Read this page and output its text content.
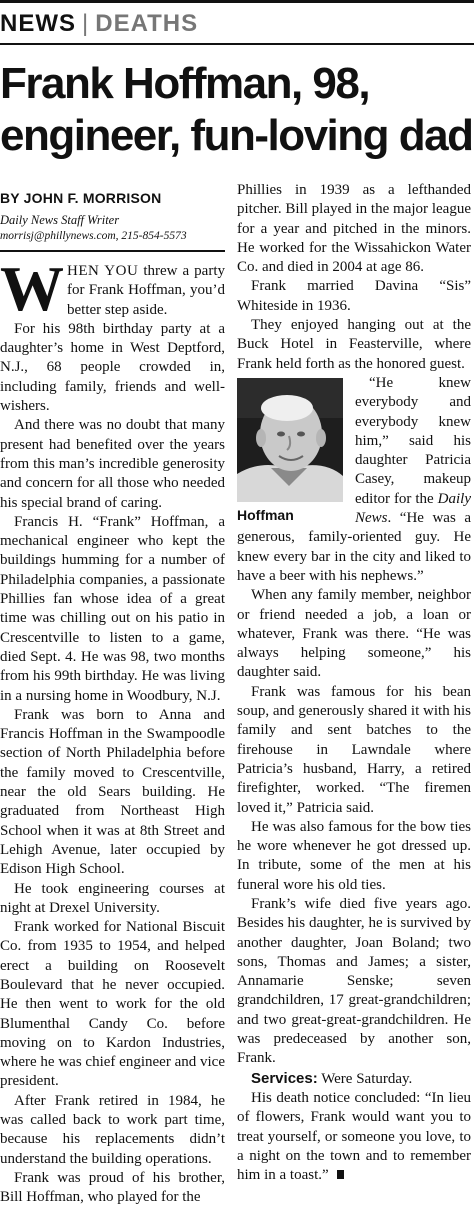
NEWS | DEATHS
Frank Hoffman, 98,
engineer, fun-loving dad
BY JOHN F. MORRISON
Daily News Staff Writer
morrisj@phillynews.com, 215-854-5573

WHEN YOU threw a party for Frank Hoffman, you’d better step aside.

For his 98th birthday party at a daughter’s home in West Deptford, N.J., 68 people crowded in, including family, friends and well-wishers.

And there was no doubt that many present had benefited over the years from this man’s incredible generosity and concern for all those who needed his special brand of caring.

Francis H. “Frank” Hoffman, a mechanical engineer who kept the buildings humming for a number of Philadelphia companies, a passionate Phillies fan whose idea of a great time was chilling out on his patio in Crescentville to listen to a game, died Sept. 4. He was 98, two months from his 99th birthday. He was living in a nursing home in Woodbury, N.J.

Frank was born to Anna and Francis Hoffman in the Swampoodle section of North Philadelphia before the family moved to Crescentville, near the old Sears building. He graduated from Northeast High School when it was at 8th Street and Lehigh Avenue, later occupied by Edison High School.

He took engineering courses at night at Drexel University.

Frank worked for National Biscuit Co. from 1935 to 1954, and helped erect a building on Roosevelt Boulevard that he never occupied. He then went to work for the old Blumenthal Candy Co. before moving on to Kardon Industries, where he was chief engineer and vice president.

After Frank retired in 1984, he was called back to work part time, because his replacements didn’t understand the building operations.

Frank was proud of his brother, Bill Hoffman, who played for the

Phillies in 1939 as a lefthanded pitcher. Bill played in the major league for a year and pitched in the minors. He worked for the Wissahickon Water Co. and died in 2004 at age 86.

Frank married Davina “Sis” Whiteside in 1936.

They enjoyed hanging out at the Buck Hotel in Feasterville, where Frank held forth as the honored guest.

Hoffman

“He knew everybody and everybody knew him,” said his daughter Patricia Casey, makeup editor for the Daily News. “He was a generous, family-oriented guy. He knew every bar in the city and liked to have a beer with his nephews.”

When any family member, neighbor or friend needed a job, a loan or whatever, Frank was there. “He was always helping someone,” his daughter said.

Frank was famous for his bean soup, and generously shared it with his family and sent batches to the firehouse in Lawndale where Patricia’s husband, Harry, a retired firefighter, worked. “The firemen loved it,” Patricia said.

He was also famous for the bow ties he wore whenever he got dressed up. In tribute, some of the men at his funeral wore his old ties.

Frank’s wife died five years ago. Besides his daughter, he is survived by another daughter, Joan Boland; two sons, Thomas and James; a sister, Annamarie Senske; seven grandchildren, 17 great-grandchildren; and two great-great-grandchildren. He was predeceased by another son, Frank.

Services: Were Saturday.

His death notice concluded: “In lieu of flowers, Frank would want you to treat yourself, or someone you love, to a night on the town and to remember him in a toast.”
